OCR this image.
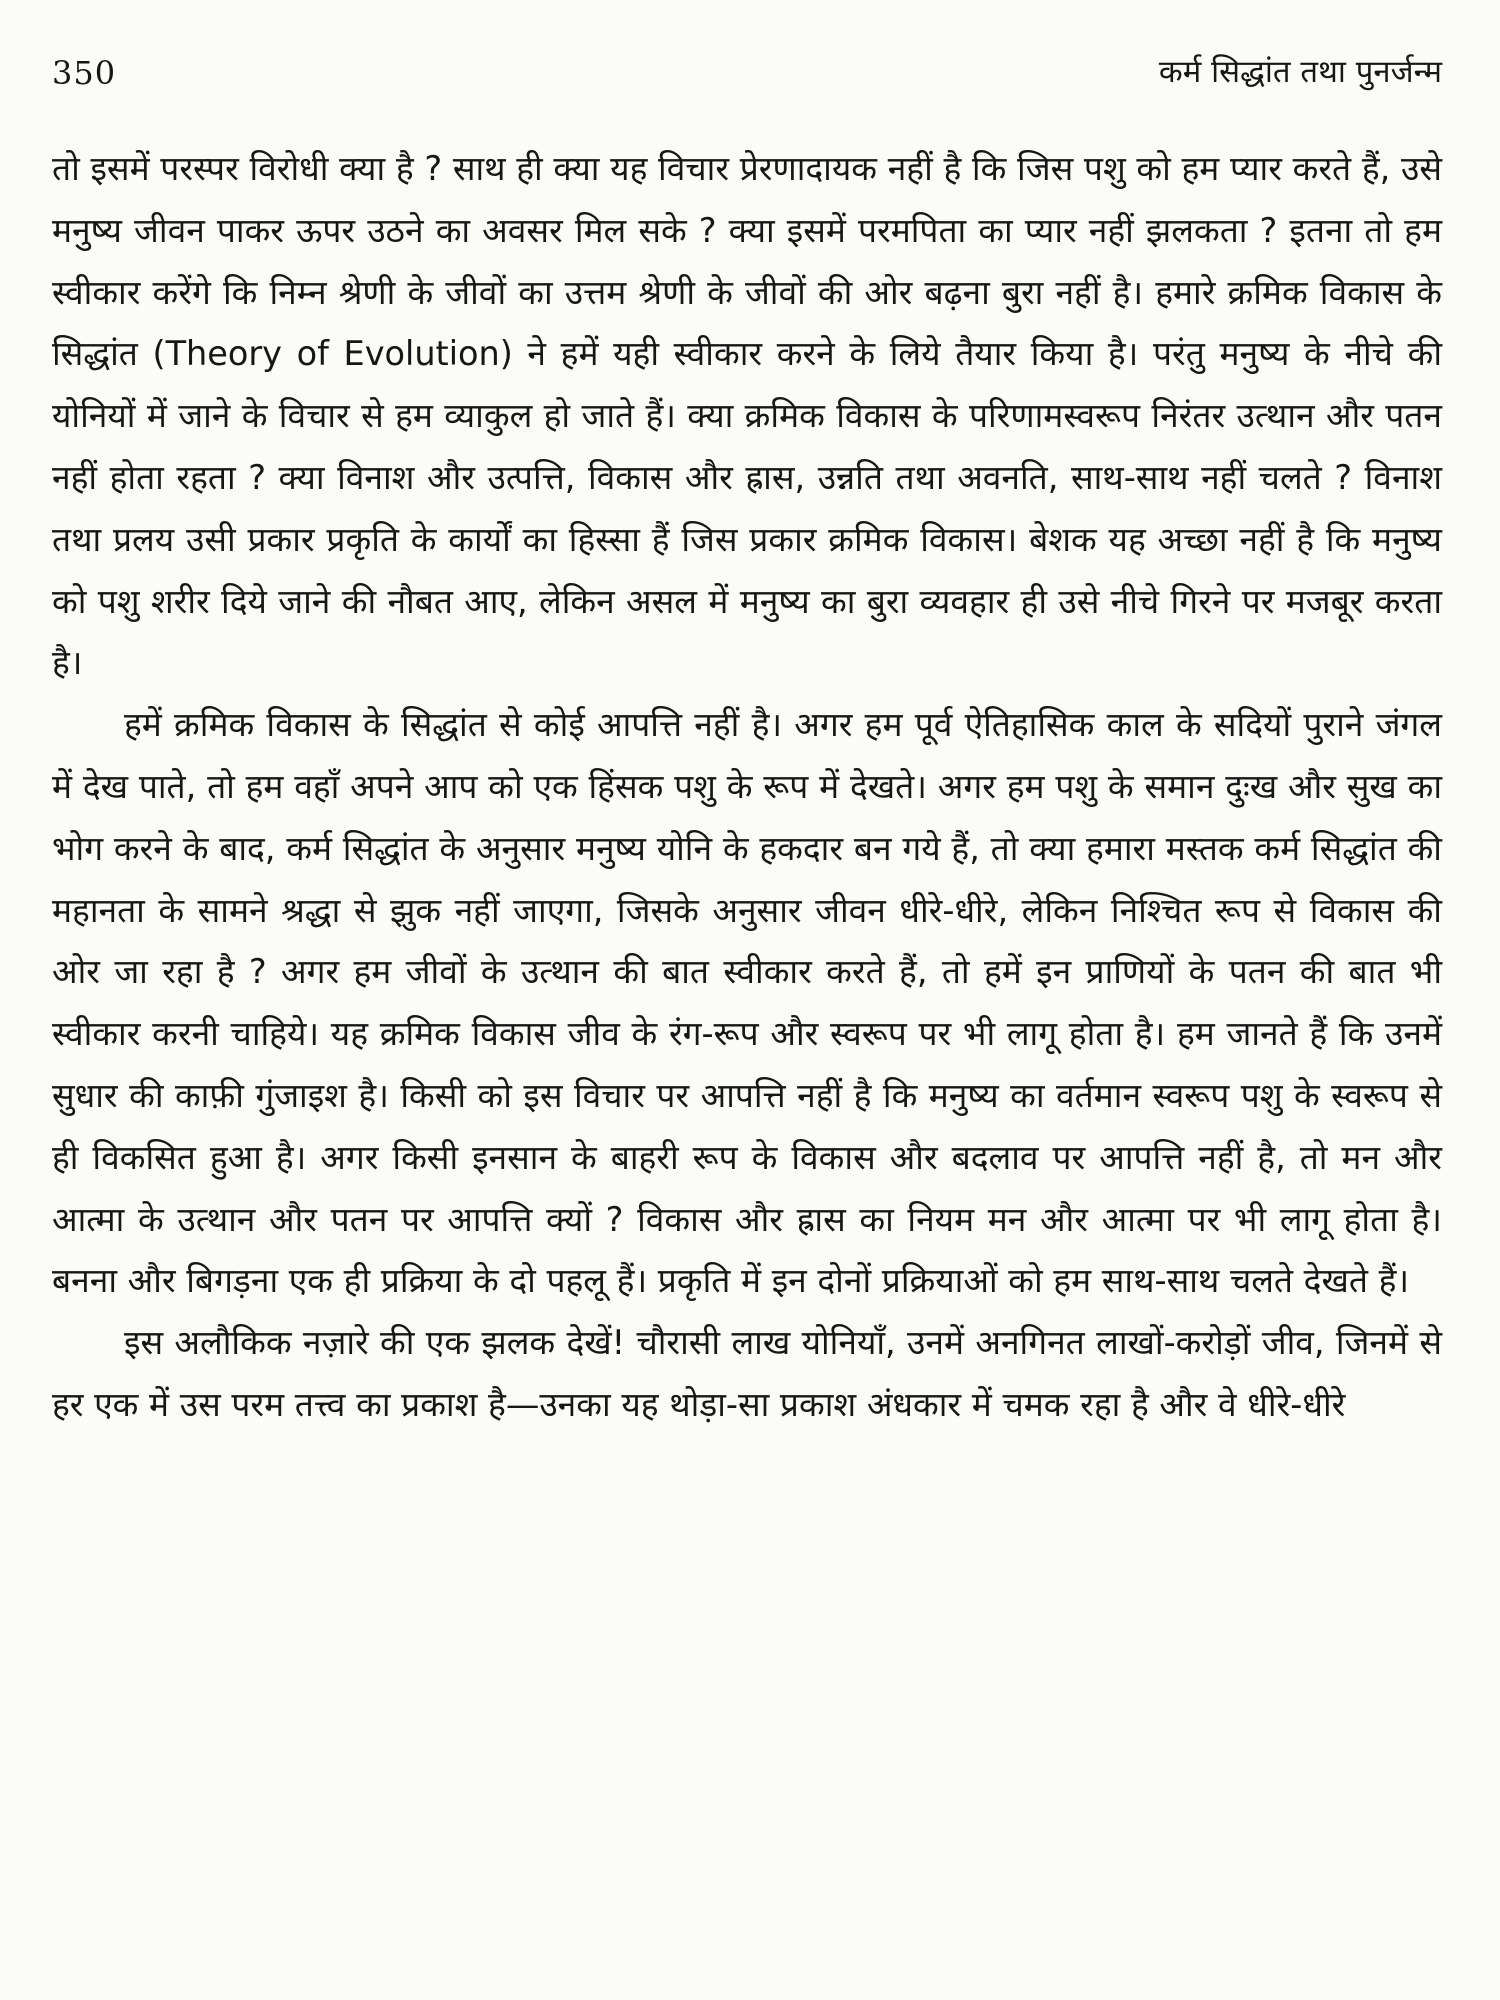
350	कर्म सिद्धांत तथा पुनर्जन्म

तो इसमें परस्पर विरोधी क्या है ? साथ ही क्या यह विचार प्रेरणादायक नहीं है कि जिस पशु को हम प्यार करते हैं, उसे मनुष्य जीवन पाकर ऊपर उठने का अवसर मिल सके ? क्या इसमें परमपिता का प्यार नहीं झलकता ? इतना तो हम स्वीकार करेंगे कि निम्न श्रेणी के जीवों का उत्तम श्रेणी के जीवों की ओर बढ़ना बुरा नहीं है। हमारे क्रमिक विकास के सिद्धांत (Theory of Evolution) ने हमें यही स्वीकार करने के लिये तैयार किया है। परंतु मनुष्य के नीचे की योनियों में जाने के विचार से हम व्याकुल हो जाते हैं। क्या क्रमिक विकास के परिणामस्वरूप निरंतर उत्थान और पतन नहीं होता रहता ? क्या विनाश और उत्पत्ति, विकास और ह्रास, उन्नति तथा अवनति, साथ-साथ नहीं चलते ? विनाश तथा प्रलय उसी प्रकार प्रकृति के कार्यों का हिस्सा हैं जिस प्रकार क्रमिक विकास। बेशक यह अच्छा नहीं है कि मनुष्य को पशु शरीर दिये जाने की नौबत आए, लेकिन असल में मनुष्य का बुरा व्यवहार ही उसे नीचे गिरने पर मजबूर करता है।

हमें क्रमिक विकास के सिद्धांत से कोई आपत्ति नहीं है। अगर हम पूर्व ऐतिहासिक काल के सदियों पुराने जंगल में देख पाते, तो हम वहाँ अपने आप को एक हिंसक पशु के रूप में देखते। अगर हम पशु के समान दुःख और सुख का भोग करने के बाद, कर्म सिद्धांत के अनुसार मनुष्य योनि के हकदार बन गये हैं, तो क्या हमारा मस्तक कर्म सिद्धांत की महानता के सामने श्रद्धा से झुक नहीं जाएगा, जिसके अनुसार जीवन धीरे-धीरे, लेकिन निश्चित रूप से विकास की ओर जा रहा है ? अगर हम जीवों के उत्थान की बात स्वीकार करते हैं, तो हमें इन प्राणियों के पतन की बात भी स्वीकार करनी चाहिये। यह क्रमिक विकास जीव के रंग-रूप और स्वरूप पर भी लागू होता है। हम जानते हैं कि उनमें सुधार की काफ़ी गुंजाइश है। किसी को इस विचार पर आपत्ति नहीं है कि मनुष्य का वर्तमान स्वरूप पशु के स्वरूप से ही विकसित हुआ है। अगर किसी इनसान के बाहरी रूप के विकास और बदलाव पर आपत्ति नहीं है, तो मन और आत्मा के उत्थान और पतन पर आपत्ति क्यों ? विकास और ह्रास का नियम मन और आत्मा पर भी लागू होता है। बनना और बिगड़ना एक ही प्रक्रिया के दो पहलू हैं। प्रकृति में इन दोनों प्रक्रियाओं को हम साथ-साथ चलते देखते हैं।

इस अलौकिक नज़ारे की एक झलक देखें! चौरासी लाख योनियाँ, उनमें अनगिनत लाखों-करोड़ों जीव, जिनमें से हर एक में उस परम तत्त्व का प्रकाश है—उनका यह थोड़ा-सा प्रकाश अंधकार में चमक रहा है और वे धीरे-धीरे
